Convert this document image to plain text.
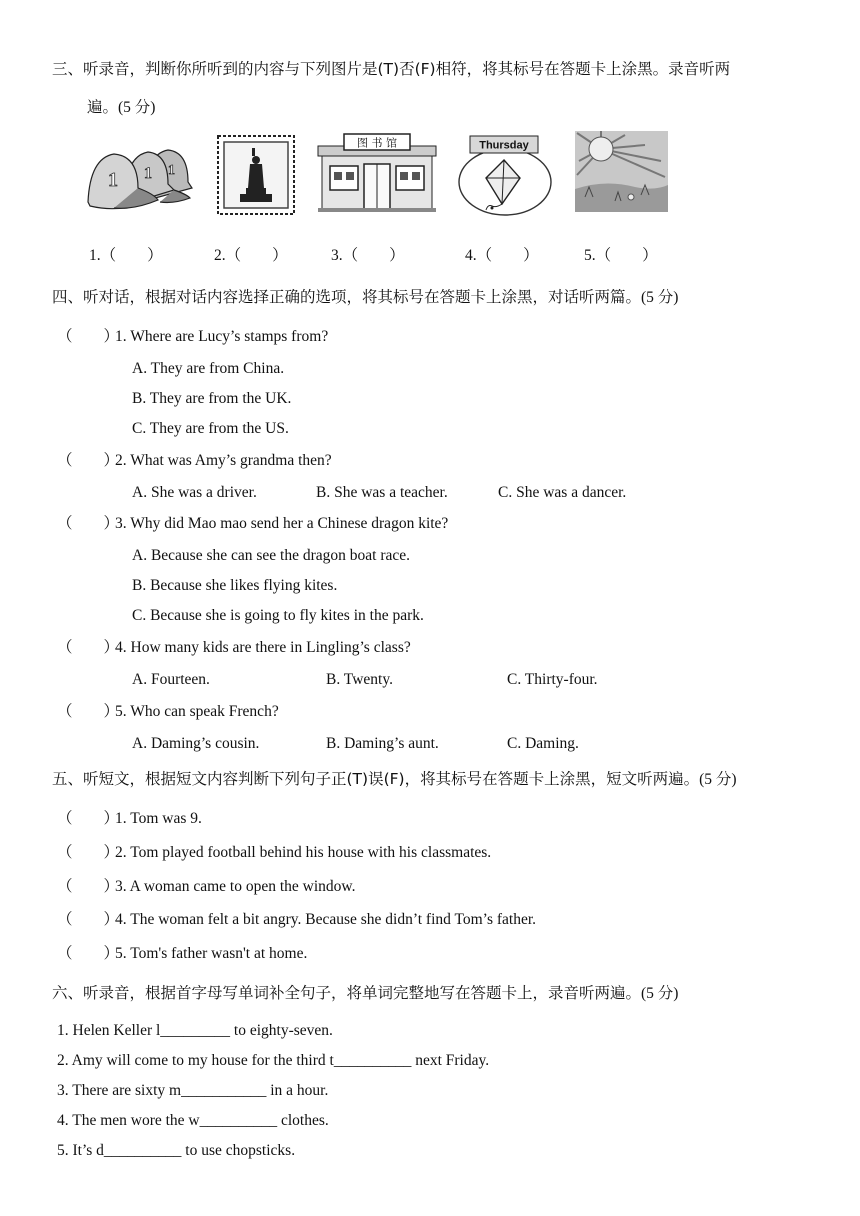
三、听录音，判断你所听到的内容与下列图片是(T)否(F)相符，将其标号在答题卡上涂黑。录音听两
遍。(5 分)
1 1 1
图 书 馆	Thursday
1.（　　）	2.（　　）	3.（　　）	4.（　　）	5.（　　）
四、听对话，根据对话内容选择正确的选项，将其标号在答题卡上涂黑，对话听两篇。(5 分)
（　　）1. Where are Lucy’s stamps from?
A. They are from China.
B. They are from the UK.
C. They are from the US.
（　　）2. What was Amy’s grandma then?
A. She was a driver.	B. She was a teacher.	C. She was a dancer.
（　　）3. Why did Mao mao send her a Chinese dragon kite?
A. Because she can see the dragon boat race.
B. Because she likes flying kites.
C. Because she is going to fly kites in the park.
（　　）4. How many kids are there in Lingling’s class?
A. Fourteen.	B. Twenty.	C. Thirty-four.
（　　）5. Who can speak French?
A. Daming’s cousin.	B. Daming’s aunt.	C. Daming.
五、听短文，根据短文内容判断下列句子正(T)误(F)，将其标号在答题卡上涂黑，短文听两遍。(5 分)
（　　）1. Tom was 9.
（　　）2. Tom played football behind his house with his classmates.
（　　）3. A woman came to open the window.
（　　）4. The woman felt a bit angry. Because she didn’t find Tom’s father.
（　　）5. Tom's father wasn't at home.
六、听录音，根据首字母写单词补全句子，将单词完整地写在答题卡上，录音听两遍。(5 分)
1. Helen Keller l_________ to eighty-seven.
2. Amy will come to my house for the third t__________ next Friday.
3. There are sixty m___________ in a hour.
4. The men wore the w__________ clothes.
5. It’s d__________ to use chopsticks.
